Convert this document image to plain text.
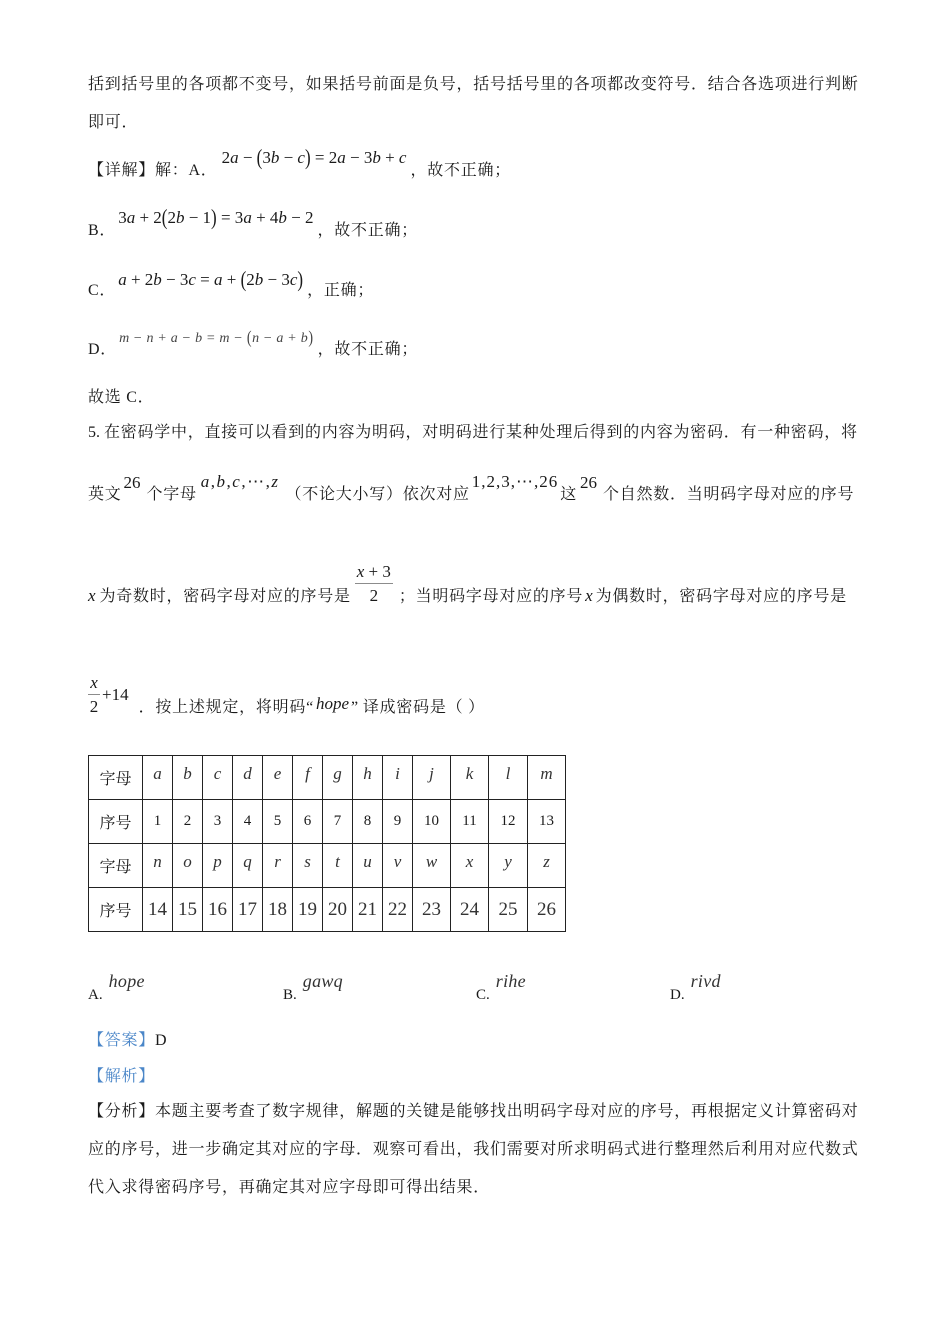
括到括号里的各项都不变号，如果括号前面是负号，括号括号里的各项都改变符号．结合各选项进行判断
即可．
【详解】解：A．2a − (3b − c) = 2a − 3b + c，故不正确；
B．3a + 2(2b − 1) = 3a + 4b − 2，故不正确；
C．a + 2b − 3c = a + (2b − 3c) ，正确；
D．m − n + a − b = m − (n − a + b)，故不正确；
故选 C．
5. 在密码学中，直接可以看到的内容为明码，对明码进行某种处理后得到的内容为密码．有一种密码，将
英文26个字母a,b,c,⋯,z（不论大小写）依次对应1,2,3,⋯,26这26个自然数．当明码字母对应的序号
x 为奇数时，密码字母对应的序号是 $\frac{x + 3}{2}$ ；当明码字母对应的序号 x 为偶数时，密码字母对应的序号是
$\frac{x}{2} +14$．按上述规定，将明码“ hope ” 译成密码是（ ）
字母	a	b	c	d	e	f	g	h	i	j	k	l	m
序号	1	2	3	4	5	6	7	8	9	10	11	12	13
字母	n	o	p	q	r	s	t	u	v	w	x	y	z
序号	14	15	16	17	18	19	20	21	22	23	24	25	26
A.hope
B.gawq
C.rihe
D.rivd
【答案】D
【解析】
【分析】本题主要考查了数字规律，解题的关键是能够找出明码字母对应的序号，再根据定义计算密码对
应的序号，进一步确定其对应的字母．观察可看出，我们需要对所求明码式进行整理然后利用对应代数式
代入求得密码序号，再确定其对应字母即可得出结果．
